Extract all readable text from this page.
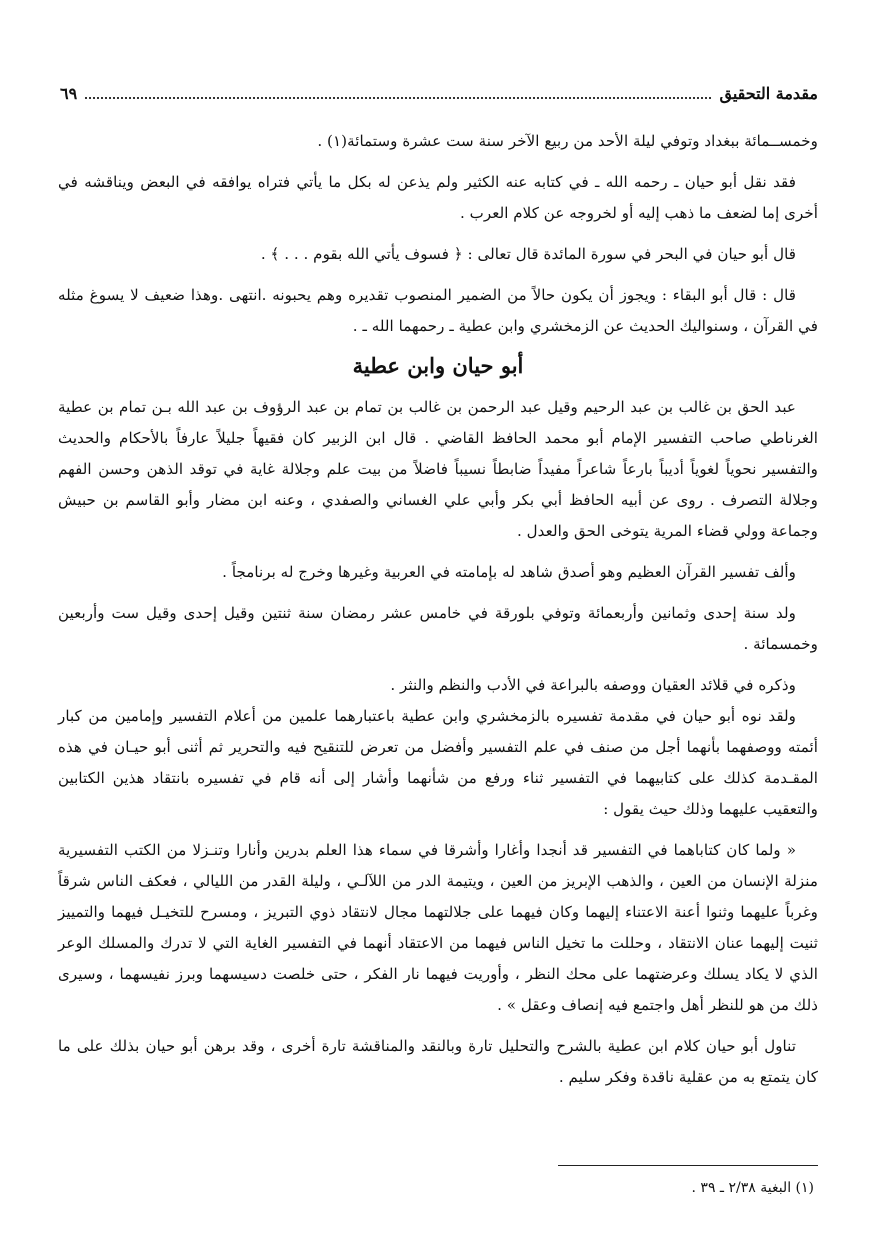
مقدمة التحقيق
٦٩

وخمســمائة ببغداد وتوفي ليلة الأحد من ربيع الآخر سنة ست عشرة وستمائة(١) .

فقد نقل أبو حيان ـ رحمه الله ـ في كتابه عنه الكثير ولم يذعن له بكل ما يأتي فتراه يوافقه في البعض ويناقشه في أخرى إما لضعف ما ذهب إليه أو لخروجه عن كلام العرب .

قال أبو حيان في البحر في سورة المائدة قال تعالى : ﴿ فسوف يأتي الله بقوم . . . ﴾ .

قال : قال أبو البقاء : ويجوز أن يكون حالاً من الضمير المنصوب تقديره وهم يحبونه .انتهى .وهذا ضعيف لا يسوغ مثله في القرآن ، وسنواليك الحديث عن الزمخشري وابن عطية ـ رحمهما الله ـ .

أبو حيان وابن عطية

عبد الحق بن غالب بن عبد الرحيم وقيل عبد الرحمن بن غالب بن تمام بن عبد الرؤوف بن عبد الله بـن تمام بن عطية الغرناطي صاحب التفسير الإمام أبو محمد الحافظ القاضي . قال ابن الزبير كان فقيهاً جليلاً عارفاً بالأحكام والحديث والتفسير نحوياً لغوياً أديباً بارعاً شاعراً مفيداً ضابطاً نسيباً فاضلاً من بيت علم وجلالة غاية في توقد الذهن وحسن الفهم وجلالة التصرف . روى عن أبيه الحافظ أبي بكر وأبي علي الغساني والصفدي ، وعنه ابن مضار وأبو القاسم بن حبيش وجماعة وولي قضاء المرية يتوخى الحق والعدل .

وألف تفسير القرآن العظيم وهو أصدق شاهد له بإمامته في العربية وغيرها وخرج له برنامجاً .

ولد سنة إحدى وثمانين وأربعمائة وتوفي بلورقة في خامس عشر رمضان سنة ثنتين وقيل إحدى وقيل ست وأربعين وخمسمائة .

وذكره في قلائد العقيان ووصفه بالبراعة في الأدب والنظم والنثر .

ولقد نوه أبو حيان في مقدمة تفسيره بالزمخشري وابن عطية باعتبارهما علمين من أعلام التفسير وإمامين من كبار أئمته ووصفهما بأنهما أجل من صنف في علم التفسير وأفضل من تعرض للتنقيح فيه والتحرير ثم أثنى أبو حيـان في هذه المقـدمة كذلك على كتابيهما في التفسير ثناء ورفع من شأنهما وأشار إلى أنه قام في تفسيره بانتقاد هذين الكتابين والتعقيب عليهما وذلك حيث يقول :

« ولما كان كتاباهما في التفسير قد أنجدا وأغارا وأشرقا في سماء هذا العلم بدرين وأنارا وتنـزلا من الكتب التفسيرية منزلة الإنسان من العين ، والذهب الإبريز من العين ، ويتيمة الدر من اللآلـي ، وليلة القدر من الليالي ، فعكف الناس شرقاً وغرباً عليهما وثنوا أعنة الاعتناء إليهما وكان فيهما على جلالتهما مجال لانتقاد ذوي التبريز ، ومسرح للتخيـل فيهما والتمييز ثنيت إليهما عنان الانتقاد ، وحللت ما تخيل الناس فيهما من الاعتقاد أنهما في التفسير الغاية التي لا تدرك والمسلك الوعر الذي لا يكاد يسلك وعرضتهما على محك النظر ، وأوريت فيهما نار الفكر ، حتى خلصت دسيسهما وبرز نفيسهما ، وسيرى ذلك من هو للنظر أهل واجتمع فيه إنصاف وعقل » .

تناول أبو حيان كلام ابن عطية بالشرح والتحليل تارة وبالنقد والمناقشة تارة أخرى ، وقد برهن أبو حيان بذلك على ما كان يتمتع به من عقلية ناقدة وفكر سليم .

(١) البغية ٢/٣٨ ـ ٣٩ .
